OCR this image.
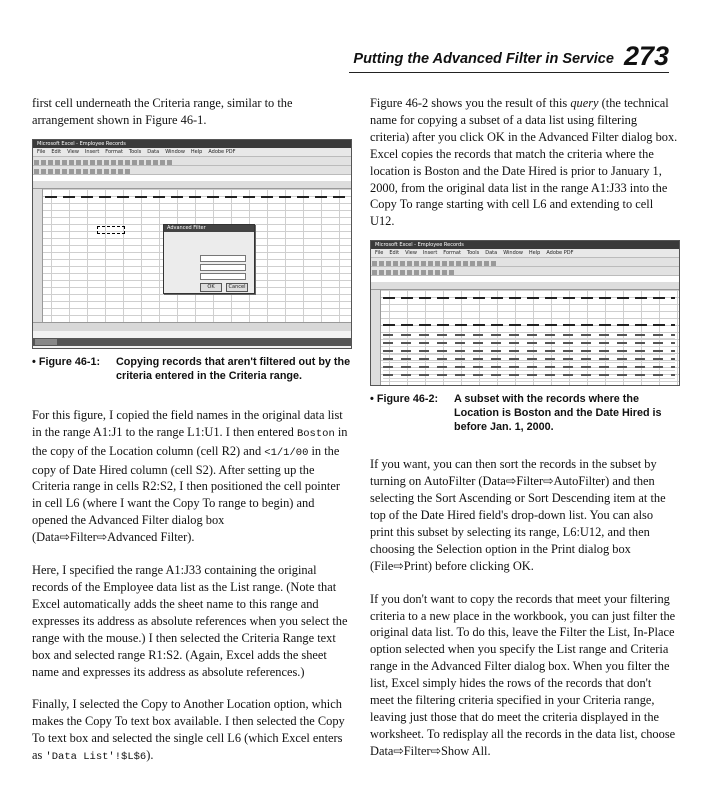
Putting the Advanced Filter in Service 273

first cell underneath the Criteria range, similar to the arrangement shown in Figure 46-1.

Microsoft Excel - Employee Records
File Edit View Insert Format Tools Data Window Help Adobe PDF
Advanced Filter
OK	Cancel
• Figure 46-1:	Copying records that aren't filtered out by the criteria entered in the Criteria range.

For this figure, I copied the field names in the original data list in the range A1:J1 to the range L1:U1. I then entered Boston in the copy of the Location column (cell R2) and <1/1/00 in the copy of Date Hired column (cell S2). After setting up the Criteria range in cells R2:S2, I then positioned the cell pointer in cell L6 (where I want the Copy To range to begin) and opened the Advanced Filter dialog box (Data⇨Filter⇨Advanced Filter).

Here, I specified the range A1:J33 containing the original records of the Employee data list as the List range. (Note that Excel automatically adds the sheet name to this range and expresses its address as absolute references when you select the range with the mouse.) I then selected the Criteria Range text box and selected range R1:S2. (Again, Excel adds the sheet name and expresses its address as absolute references.)

Finally, I selected the Copy to Another Location option, which makes the Copy To text box available. I then selected the Copy To text box and selected the single cell L6 (which Excel enters as 'Data List'!$L$6).

Figure 46-2 shows you the result of this query (the technical name for copying a subset of a data list using filtering criteria) after you click OK in the Advanced Filter dialog box. Excel copies the records that match the criteria where the location is Boston and the Date Hired is prior to January 1, 2000, from the original data list in the range A1:J33 into the Copy To range starting with cell L6 and extending to cell U12.

Microsoft Excel - Employee Records
File Edit View Insert Format Tools Data Window Help Adobe PDF
• Figure 46-2:	A subset with the records where the Location is Boston and the Date Hired is before Jan. 1, 2000.

If you want, you can then sort the records in the subset by turning on AutoFilter (Data⇨Filter⇨AutoFilter) and then selecting the Sort Ascending or Sort Descending item at the top of the Date Hired field's drop-down list. You can also print this subset by selecting its range, L6:U12, and then choosing the Selection option in the Print dialog box (File⇨Print) before clicking OK.

If you don't want to copy the records that meet your filtering criteria to a new place in the workbook, you can just filter the original data list. To do this, leave the Filter the List, In-Place option selected when you specify the List range and Criteria range in the Advanced Filter dialog box. When you filter the list, Excel simply hides the rows of the records that don't meet the filtering criteria specified in your Criteria range, leaving just those that do meet the criteria displayed in the worksheet. To redisplay all the records in the data list, choose Data⇨Filter⇨Show All.
